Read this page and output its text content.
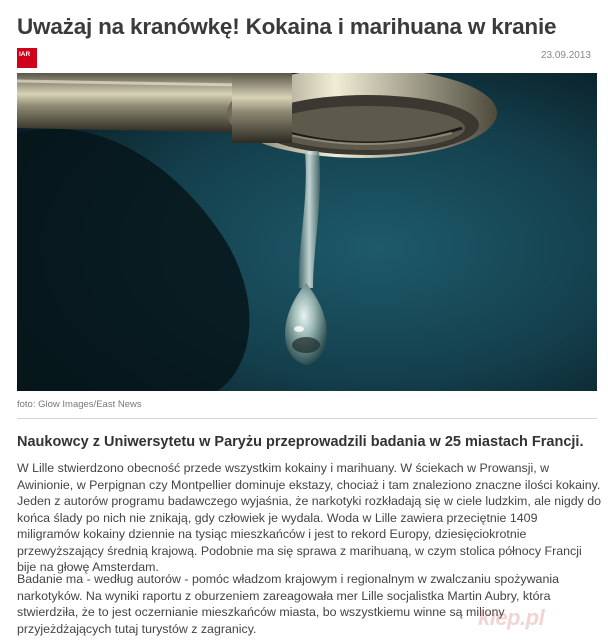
Uważaj na kranówkę! Kokaina i marihuana w kranie
IAR	23.09.2013
foto: Glow Images/East News
Naukowcy z Uniwersytetu w Paryżu przeprowadzili badania w 25 miastach Francji.

W Lille stwierdzono obecność przede wszystkim kokainy i marihuany. W ściekach w Prowansji, w Awinionie, w Perpignan czy Montpellier dominuje ekstazy, chociaż i tam znaleziono znaczne ilości kokainy. Jeden z autorów programu badawczego wyjaśnia, że narkotyki rozkładają się w ciele ludzkim, ale nigdy do końca ślady po nich nie znikają, gdy człowiek je wydala. Woda w Lille zawiera przeciętnie 1409 miligramów kokainy dziennie na tysiąc mieszkańców i jest to rekord Europy, dziesięciokrotnie przewyższający średnią krajową. Podobnie ma się sprawa z marihuaną, w czym stolica północy Francji bije na głowę Amsterdam.

Badanie ma - według autorów - pomóc władzom krajowym i regionalnym w zwalczaniu spożywania narkotyków. Na wyniki raportu z oburzeniem zareagowała mer Lille socjalistka Martin Aubry, która stwierdziła, że to jest oczernianie mieszkańców miasta, bo wszystkiemu winne są miliony przyjeżdżających tutaj turystów z zagranicy.	kiep.pl
